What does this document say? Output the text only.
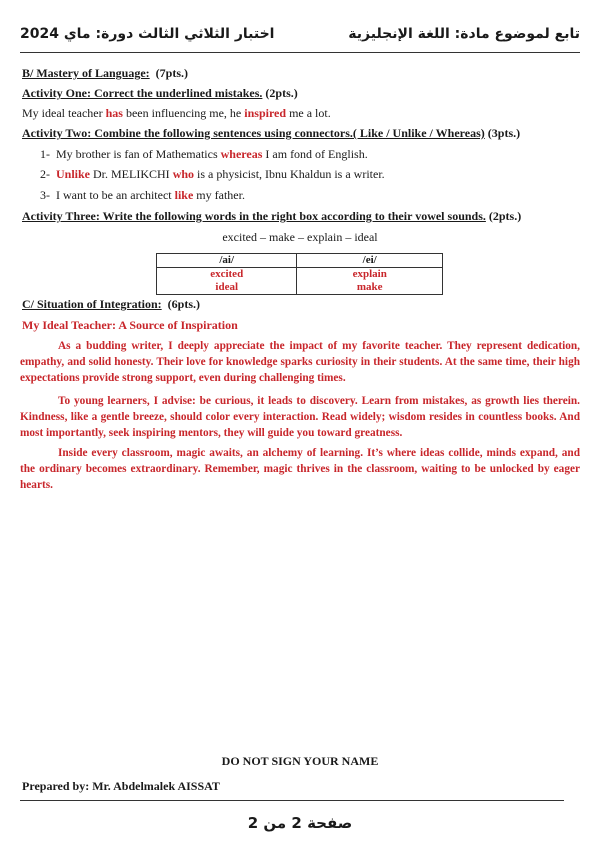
تابع لموضوع مادة: اللغة الإنجليزية
اختبار الثلاثي الثالث دورة: ماي 2024
B/ Mastery of Language: (7pts.)
Activity One: Correct the underlined mistakes. (2pts.)
My ideal teacher has been influencing me, he inspired me a lot.
Activity Two: Combine the following sentences using connectors.( Like / Unlike / Whereas) (3pts.)
1- My brother is fan of Mathematics whereas I am fond of English.
2- Unlike Dr. MELIKCHI who is a physicist, Ibnu Khaldun is a writer.
3- I want to be an architect like my father.
Activity Three: Write the following words in the right box according to their vowel sounds. (2pts.)
excited – make – explain – ideal
/ai/	/ei/
excited	explain
ideal	make
C/ Situation of Integration: (6pts.)
My Ideal Teacher: A Source of Inspiration
As a budding writer, I deeply appreciate the impact of my favorite teacher. They represent dedication, empathy, and solid honesty. Their love for knowledge sparks curiosity in their students. At the same time, their high expectations provide strong support, even during challenging times.
To young learners, I advise: be curious, it leads to discovery. Learn from mistakes, as growth lies therein. Kindness, like a gentle breeze, should color every interaction. Read widely; wisdom resides in countless books. And most importantly, seek inspiring mentors, they will guide you toward greatness.
Inside every classroom, magic awaits, an alchemy of learning. It’s where ideas collide, minds expand, and the ordinary becomes extraordinary. Remember, magic thrives in the classroom, waiting to be unlocked by eager hearts.
DO NOT SIGN YOUR NAME
Prepared by: Mr. Abdelmalek AISSAT
صفحة 2 من 2
